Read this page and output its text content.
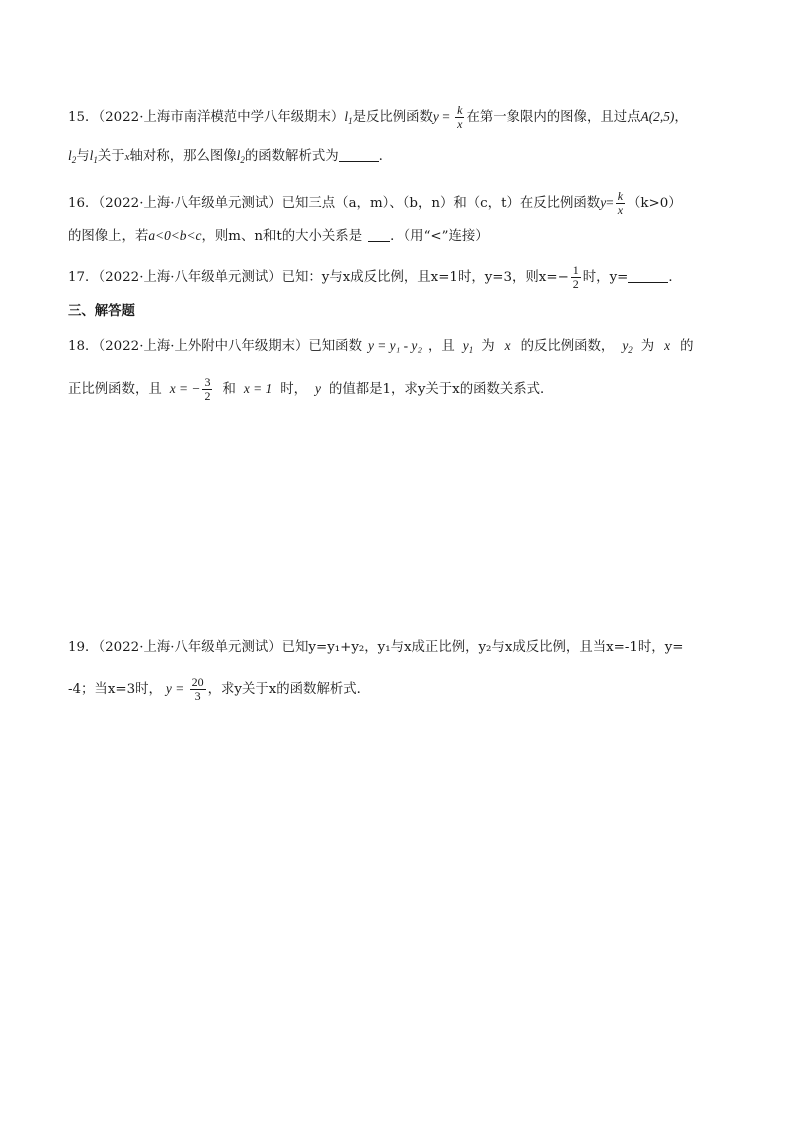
15．（2022·上海市南洋模范中学八年级期末）$l_1$是反比例函数$y = \frac{k}{x}$ 在第一象限内的图像，且过点A(2,5)，
$l_2$与$l_1$关于x轴对称，那么图像$l_2$的函数解析式为	.
16．（2022·上海·八年级单元测试）已知三点（a，m）、（b，n）和（c，t）在反比例函数$y= \frac{k}{x} (k>0)$
的图像上，若a<0<b<c，则m、n和t的大小关系是 ．（用“<”连接）
17．（2022·上海·八年级单元测试）已知：y与x成反比例，且x=1时，y=3，则$x=- \frac{1}{2}$ 时，y=	．
三、解答题
18．（2022·上海·上外附中八年级期末）已知函数 y = y₁ - y₂ ，且 $y_1$ 为 x 的反比例函数， $y_2$ 为 x 的
正比例函数，且 x = − $\frac{3}{2}$ 和 x = 1 时， y 的值都是1，求y关于x的函数关系式．
19．（2022·上海·八年级单元测试）已知y=y₁+y₂，y₁与x成正比例，y₂与x成反比例，且当x=-1时，y=
-4；当x=3时， $y = \frac{20}{3}$ ，求y关于x的函数解析式．
